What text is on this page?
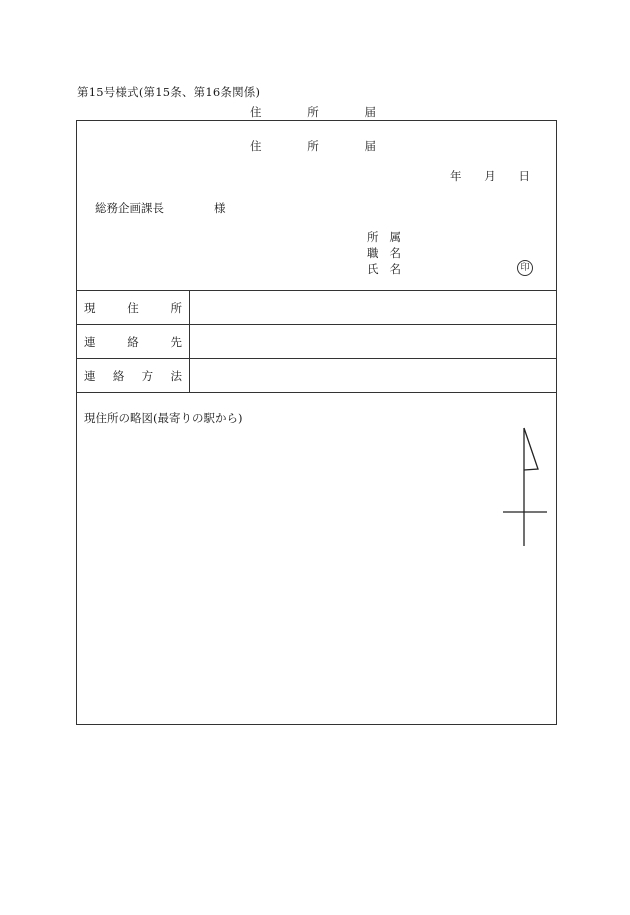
第15号様式(第15条、第16条関係)
住	所	届
住	所	届
年 月 日
総務企画課長	様
所 属
職 名
氏 名	印
現	住	所
連	絡	先
連 絡 方 法
現住所の略図(最寄りの駅から)
